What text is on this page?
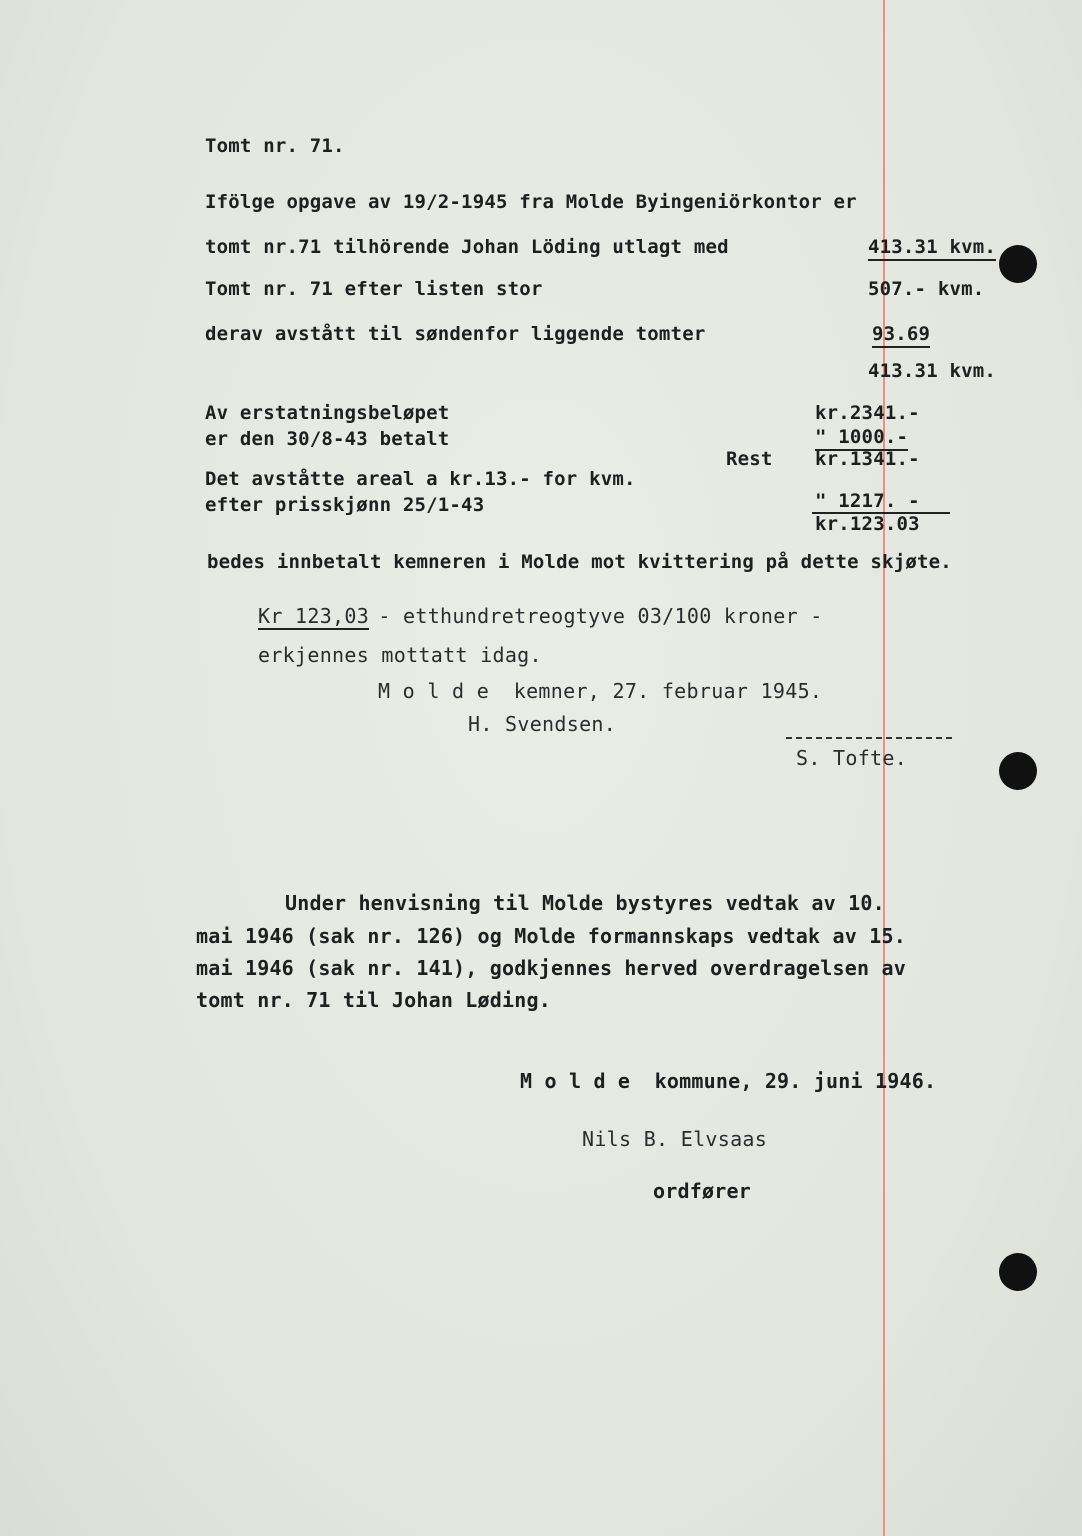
Tomt nr. 71.
Ifölge opgave av 19/2-1945 fra Molde Byingeniörkontor er
tomt nr.71 tilhörende Johan Löding utlagt med	413.31 kvm.
Tomt nr. 71 efter listen stor	507.- kvm.
derav avstått til søndenfor liggende tomter	93.69
413.31 kvm.
Av erstatningsbeløpet	kr.2341.-
er den 30/8-43 betalt	" 1000.-
Rest kr.1341.-
Det avståtte areal a kr.13.- for kvm.
efter prisskjønn 25/1-43	" 1217. -
kr.123.03
bedes innbetalt kemneren i Molde mot kvittering på dette skjøte.
Kr 123,03
- etthundretreogtyve 03/100 kroner -
erkjennes mottatt idag.
M o l d e  kemner, 27. februar 1945.
H. Svendsen.
S. Tofte.
Under henvisning til Molde bystyres vedtak av 10.
mai 1946 (sak nr. 126) og Molde formannskaps vedtak av 15.
mai 1946 (sak nr. 141), godkjennes herved overdragelsen av
tomt nr. 71 til Johan Løding.
M o l d e  kommune, 29. juni 1946.
Nils B. Elvsaas
ordfører
